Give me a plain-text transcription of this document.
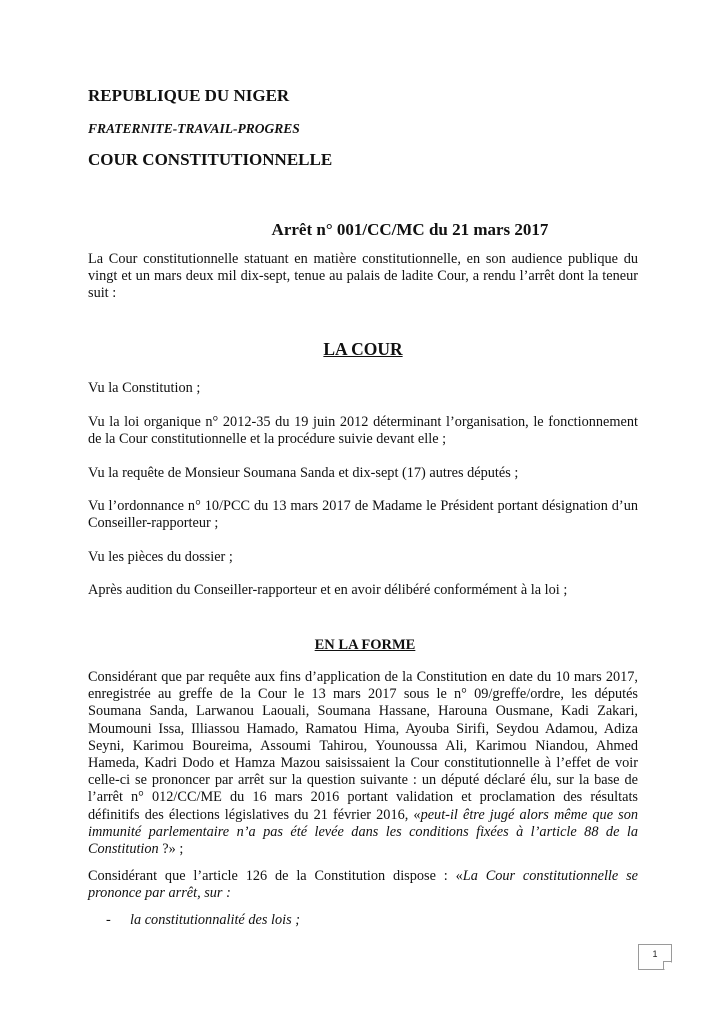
REPUBLIQUE DU NIGER

FRATERNITE-TRAVAIL-PROGRES

COUR CONSTITUTIONNELLE

Arrêt n° 001/CC/MC du 21 mars 2017

La Cour constitutionnelle statuant en matière constitutionnelle, en son audience publique du vingt et un mars deux mil dix-sept, tenue au palais de ladite Cour, a rendu l’arrêt dont la teneur suit :

LA COUR

Vu la Constitution ;

Vu la loi organique n° 2012-35 du 19 juin 2012 déterminant l’organisation, le fonctionnement de la Cour constitutionnelle et la procédure suivie devant elle ;

Vu la requête de Monsieur Soumana Sanda et dix-sept (17) autres députés ;

Vu l’ordonnance n° 10/PCC du 13 mars 2017 de Madame le Président portant désignation d’un Conseiller-rapporteur ;

Vu les pièces du dossier ;

Après audition du Conseiller-rapporteur et en avoir délibéré conformément à la loi ;

EN LA FORME

Considérant que par requête aux fins d’application de la Constitution en date du 10 mars 2017, enregistrée au greffe de la Cour le 13 mars 2017 sous le n° 09/greffe/ordre, les députés Soumana Sanda, Larwanou Laouali, Soumana Hassane, Harouna Ousmane, Kadi Zakari, Moumouni Issa, Illiassou Hamado, Ramatou Hima, Ayouba Sirifi, Seydou Adamou, Adiza Seyni, Karimou Boureima, Assoumi Tahirou, Younoussa Ali, Karimou Niandou, Ahmed Hameda, Kadri Dodo et Hamza Mazou saisissaient la Cour constitutionnelle à l’effet de voir celle-ci se prononcer par arrêt sur la question suivante : un député déclaré élu, sur la base de l’arrêt n° 012/CC/ME du 16 mars 2016 portant validation et proclamation des résultats définitifs des élections législatives du 21 février 2016, «peut-il être jugé alors même que son immunité parlementaire n’a pas été levée dans les conditions fixées à l’article 88 de la Constitution ?» ;

Considérant que l’article 126 de la Constitution dispose : «La Cour constitutionnelle se prononce par arrêt, sur :

- la constitutionnalité des lois ;
1
